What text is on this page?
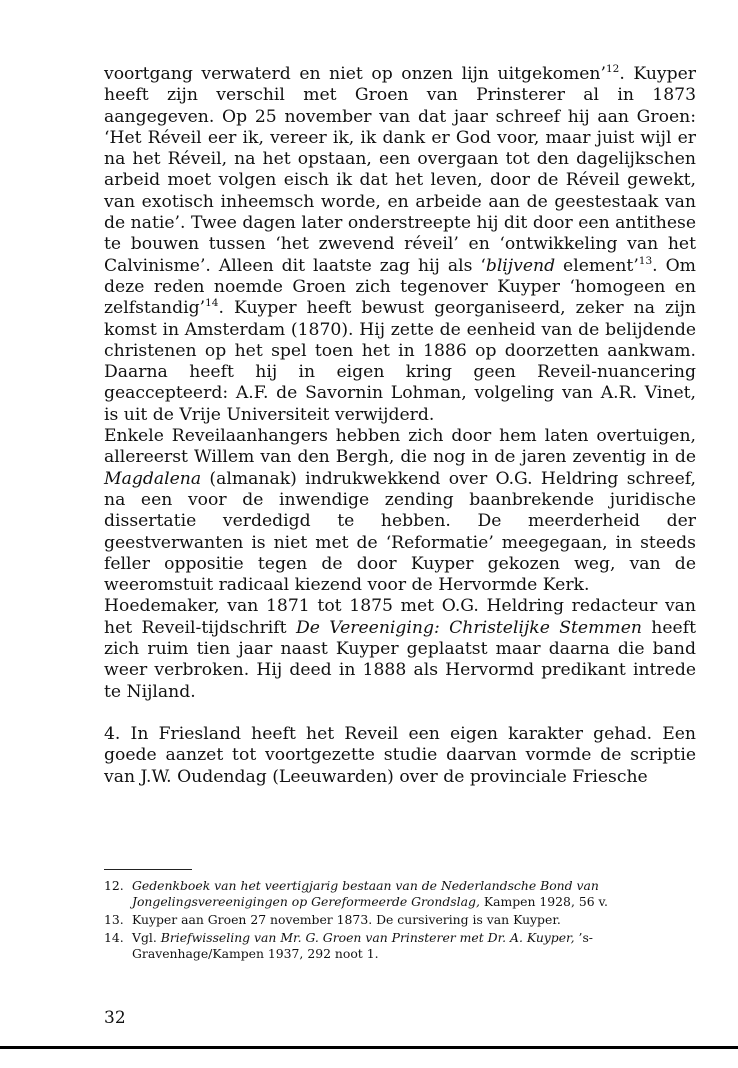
voortgang verwaterd en niet op onzen lijn uitgekomen’$^{12}$. Kuyper heeft zijn verschil met Groen van Prinsterer al in 1873 aangegeven. Op 25 november van dat jaar schreef hij aan Groen: ‘Het Réveil eer ik, vereer ik, ik dank er God voor, maar juist wijl er na het Réveil, na het opstaan, een overgaan tot den dagelijkschen arbeid moet volgen eisch ik dat het leven, door de Réveil gewekt, van exotisch inheemsch worde, en arbeide aan de geestestaak van de natie’. Twee dagen later onderstreepte hij dit door een antithese te bouwen tussen ‘het zwevend réveil’ en ‘ontwikkeling van het Calvinisme’. Alleen dit laatste zag hij als ‘blijvend element’$^{13}$. Om deze reden noemde Groen zich tegenover Kuyper ‘homogeen en zelfstandig’$^{14}$. Kuyper heeft bewust georganiseerd, zeker na zijn komst in Amsterdam (1870). Hij zette de eenheid van de belijdende christenen op het spel toen het in 1886 op doorzetten aankwam. Daarna heeft hij in eigen kring geen Reveil-nuancering geaccepteerd: A.F. de Savornin Lohman, volgeling van A.R. Vinet, is uit de Vrije Universiteit verwijderd.

Enkele Reveilaanhangers hebben zich door hem laten overtuigen, allereerst Willem van den Bergh, die nog in de jaren zeventig in de Magdalena (almanak) indrukwekkend over O.G. Heldring schreef, na een voor de inwendige zending baanbrekende juridische dissertatie verdedigd te hebben. De meerderheid der geestverwanten is niet met de ‘Reformatie’ meegegaan, in steeds feller oppositie tegen de door Kuyper gekozen weg, van de weeromstuit radicaal kiezend voor de Hervormde Kerk.

Hoedemaker, van 1871 tot 1875 met O.G. Heldring redacteur van het Reveil-tijdschrift De Vereeniging: Christelijke Stemmen heeft zich ruim tien jaar naast Kuyper geplaatst maar daarna die band weer verbroken. Hij deed in 1888 als Hervormd predikant intrede te Nijland.

4. In Friesland heeft het Reveil een eigen karakter gehad. Een goede aanzet tot voortgezette studie daarvan vormde de scriptie van J.W. Oudendag (Leeuwarden) over de provinciale Friesche

12. Gedenkboek van het veertigjarig bestaan van de Nederlandsche Bond van Jongelingsvereenigingen op Gereformeerde Grondslag, Kampen 1928, 56 v.
13. Kuyper aan Groen 27 november 1873. De cursivering is van Kuyper.
14. Vgl. Briefwisseling van Mr. G. Groen van Prinsterer met Dr. A. Kuyper, ’s-Gravenhage/Kampen 1937, 292 noot 1.
32
